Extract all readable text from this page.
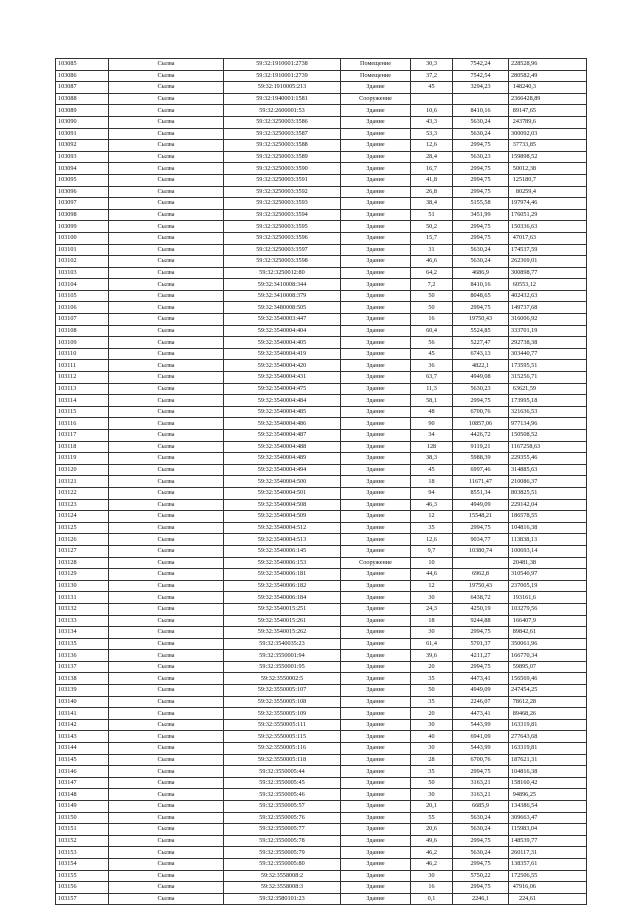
103085	Сылва	59:32:1910001:2738	Помещение	30,3	7542,24	228528,96
103086	Сылва	59:32:1910001:2739	Помещение	37,2	7542,54	280582,49
103087	Сылва	59:32:1910005:213	Здание	45	3294,23	148240,3
103088	Сылва	59:32:1940001:1581	Сооружение			2366428,89
103089	Сылва	59:32:2600001:53	Здание	10,6	8410,16	89147,65
103090	Сылва	59:32:3250003:3586	Здание	43,3	5630,24	243789,6
103091	Сылва	59:32:3250003:3587	Здание	53,3	5630,24	300092,03
103092	Сылва	59:32:3250003:3588	Здание	12,6	2994,75	37733,85
103093	Сылва	59:32:3250003:3589	Здание	28,4	5630,23	159898,52
103094	Сылва	59:32:3250003:3590	Здание	16,7	2994,75	50012,38
103095	Сылва	59:32:3250003:3591	Здание	41,8	2994,75	125180,7
103096	Сылва	59:32:3250003:3592	Здание	26,8	2994,75	80259,4
103097	Сылва	59:32:3250003:3593	Здание	38,4	5155,58	197974,46
103098	Сылва	59:32:3250003:3594	Здание	51	3451,99	176051,29
103099	Сылва	59:32:3250003:3595	Здание	50,2	2994,75	150336,63
103100	Сылва	59:32:3250003:3596	Здание	15,7	2994,75	47017,63
103101	Сылва	59:32:3250003:3597	Здание	31	5630,24	174537,59
103102	Сылва	59:32:3250003:3598	Здание	46,6	5630,24	262369,01
103103	Сылва	59:32:3250012:80	Здание	64,2	4686,9	300898,77
103104	Сылва	59:32:3410008:344	Здание	7,2	8410,16	60553,12
103105	Сылва	59:32:3410008:379	Здание	50	8048,65	402432,63
103106	Сылва	59:32:3480008:505	Здание	50	2994,75	149737,68
103107	Сылва	59:32:3540003:447	Здание	16	19750,43	316006,92
103108	Сылва	59:32:3540004:404	Здание	60,4	5524,85	333701,19
103109	Сылва	59:32:3540004:405	Здание	56	5227,47	292738,38
103110	Сылва	59:32:3540004:419	Здание	45	6743,13	303440,77
103111	Сылва	59:32:3540004:420	Здание	36	4822,1	173595,51
103112	Сылва	59:32:3540004:431	Здание	63,7	4949,08	315256,71
103113	Сылва	59:32:3540004:475	Здание	11,3	5630,23	63621,59
103114	Сылва	59:32:3540004:484	Здание	58,1	2994,75	173995,18
103115	Сылва	59:32:3540004:485	Здание	48	6700,76	321636,53
103116	Сылва	59:32:3540004:486	Здание	90	10857,06	977134,96
103117	Сылва	59:32:3540004:487	Здание	34	4426,72	150508,52
103118	Сылва	59:32:3540004:488	Здание	128	9119,21	1167258,63
103119	Сылва	59:32:3540004:489	Здание	38,3	5988,39	229355,46
103120	Сылва	59:32:3540004:494	Здание	45	6997,46	314885,63
103121	Сылва	59:32:3540004:500	Здание	18	11671,47	210086,37
103122	Сылва	59:32:3540004:501	Здание	94	8551,34	803825,51
103123	Сылва	59:32:3540004:508	Здание	46,3	4949,09	229142,04
103124	Сылва	59:32:3540004:509	Здание	12	15548,21	186578,55
103125	Сылва	59:32:3540004:512	Здание	35	2994,75	104816,38
103126	Сылва	59:32:3540004:513	Здание	12,6	9034,77	113838,13
103127	Сылва	59:32:3540006:145	Здание	9,7	10380,74	100693,14
103128	Сылва	59:32:3540006:153	Сооружение	10		20481,38
103129	Сылва	59:32:3540006:181	Здание	44,6	6962,8	310540,97
103130	Сылва	59:32:3540006:182	Здание	12	19750,43	237005,19
103131	Сылва	59:32:3540006:184	Здание	30	6438,72	193161,6
103132	Сылва	59:32:3540015:251	Здание	24,3	4250,19	103279,56
103133	Сылва	59:32:3540015:261	Здание	18	9244,88	166407,9
103134	Сылва	59:32:3540015:262	Здание	30	2994,75	89842,61
103135	Сылва	59:32:3540035:23	Здание	61,4	5701,37	350061,96
103136	Сылва	59:32:3550001:94	Здание	39,6	4211,27	166770,34
103137	Сылва	59:32:3550001:95	Здание	20	2994,75	59895,07
103138	Сылва	59:32:3550002:5	Здание	35	4473,41	156569,46
103139	Сылва	59:32:3550005:107	Здание	50	4949,09	247454,25
103140	Сылва	59:32:3550005:108	Здание	35	2246,07	78612,28
103141	Сылва	59:32:3550005:109	Здание	20	4473,41	89468,26
103142	Сылва	59:32:3550005:111	Здание	30	5443,99	163319,81
103143	Сылва	59:32:3550005:115	Здание	40	6941,09	277643,68
103144	Сылва	59:32:3550005:116	Здание	30	5443,99	163319,81
103145	Сылва	59:32:3550005:118	Здание	28	6700,76	187621,31
103146	Сылва	59:32:3550005:44	Здание	35	2994,75	104816,38
103147	Сылва	59:32:3550005:45	Здание	50	3163,21	158160,42
103148	Сылва	59:32:3550005:46	Здание	30	3163,21	94896,25
103149	Сылва	59:32:3550005:57	Здание	20,1	6685,9	134386,54
103150	Сылва	59:32:3550005:76	Здание	55	5630,24	309663,47
103151	Сылва	59:32:3550005:77	Здание	20,6	5630,24	115983,04
103152	Сылва	59:32:3550005:78	Здание	49,6	2994,75	148539,77
103153	Сылва	59:32:3550005:79	Здание	46,2	5630,24	260117,31
103154	Сылва	59:32:3550005:80	Здание	46,2	2994,75	138357,61
103155	Сылва	59:32:3558008:2	Здание	30	5750,22	172506,55
103156	Сылва	59:32:3558008:3	Здание	16	2994,75	47916,06
103157	Сылва	59:32:3580101:23	Здание	0,1	2246,1	224,61
